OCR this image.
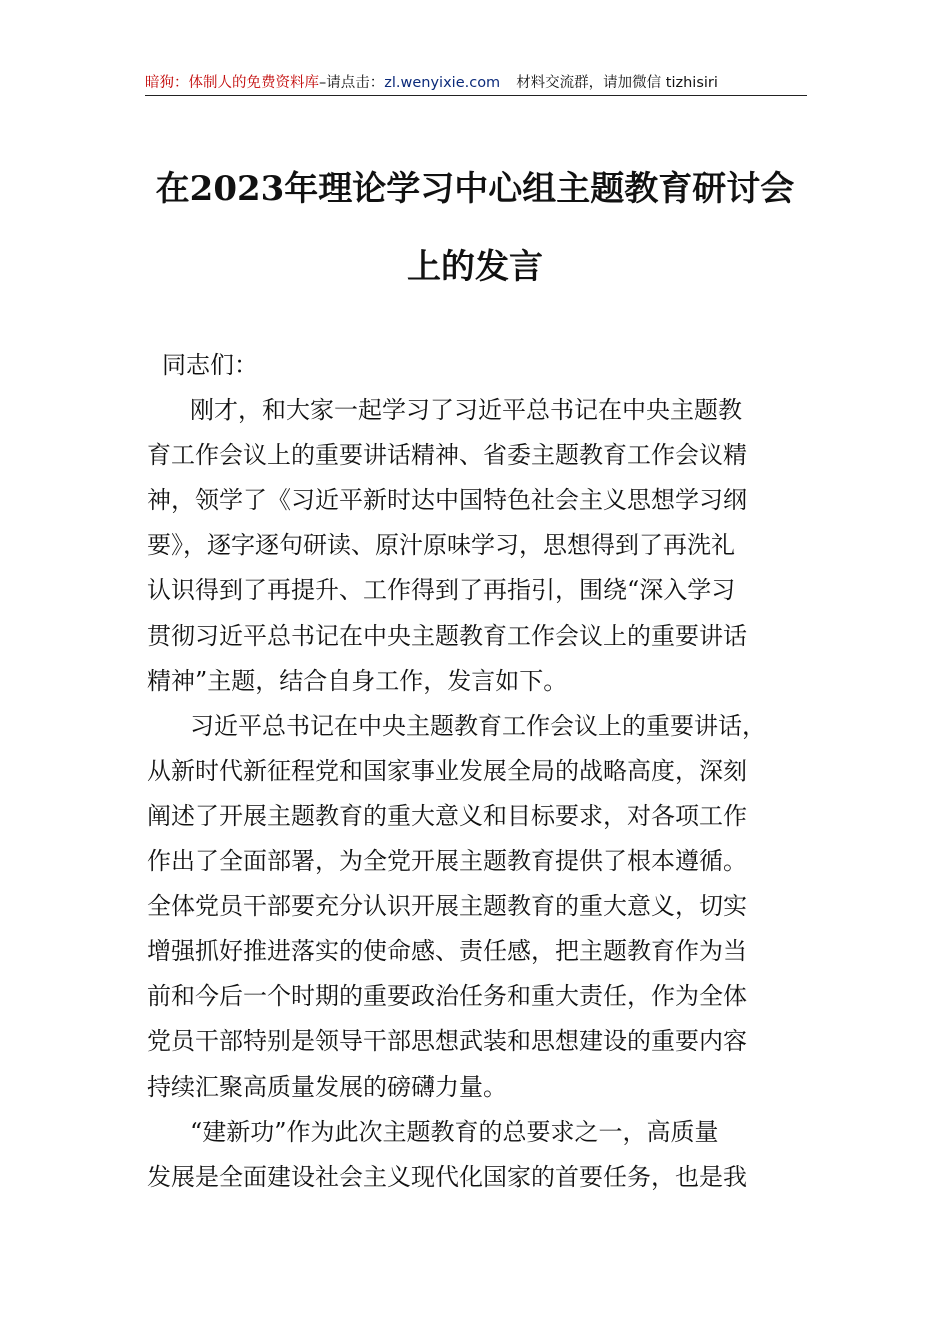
暗狗：体制人的免费资料库–请点击：zl.wenyixie.com 材料交流群，请加微信 tizhisiri
在2023年理论学习中心组主题教育研讨会
上的发言
同志们：
刚才，和大家一起学习了习近平总书记在中央主题教
育工作会议上的重要讲话精神、省委主题教育工作会议精
神，领学了《习近平新时达中国特色社会主义思想学习纲
要》，逐字逐句研读、原汁原味学习，思想得到了再洗礼
认识得到了再提升、工作得到了再指引，围绕“深入学习
贯彻习近平总书记在中央主题教育工作会议上的重要讲话
精神”主题，结合自身工作，发言如下。
习近平总书记在中央主题教育工作会议上的重要讲话，
从新时代新征程党和国家事业发展全局的战略高度，深刻
阐述了开展主题教育的重大意义和目标要求，对各项工作
作出了全面部署，为全党开展主题教育提供了根本遵循。
全体党员干部要充分认识开展主题教育的重大意义，切实
增强抓好推进落实的使命感、责任感，把主题教育作为当
前和今后一个时期的重要政治任务和重大责任，作为全体
党员干部特别是领导干部思想武装和思想建设的重要内容
持续汇聚高质量发展的磅礴力量。
“建新功”作为此次主题教育的总要求之一，高质量
发展是全面建设社会主义现代化国家的首要任务，也是我
